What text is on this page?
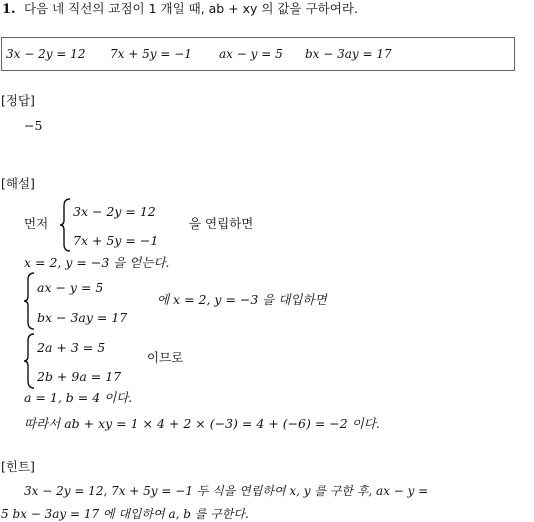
1. 다음 네 직선의 교점이 1 개일 때, ab + xy 의 값을 구하여라.
3x − 2y = 12 7x + 5y = −1 ax − y = 5 bx − 3ay = 17
[정답]
−5
[해설]
먼저
3x − 2y = 12
7x + 5y = −1
을 연립하면
x = 2, y = −3 을 얻는다.
ax − y = 5
bx − 3ay = 17
에 x = 2, y = −3 을 대입하면
2a + 3 = 5
2b + 9a = 17
이므로
a = 1, b = 4 이다.
따라서 ab + xy = 1 × 4 + 2 × (−3) = 4 + (−6) = −2 이다.
[힌트]
3x − 2y = 12, 7x + 5y = −1 두 식을 연립하여 x, y 를 구한 후, ax − y =
5 bx − 3ay = 17 에 대입하여 a, b 를 구한다.
